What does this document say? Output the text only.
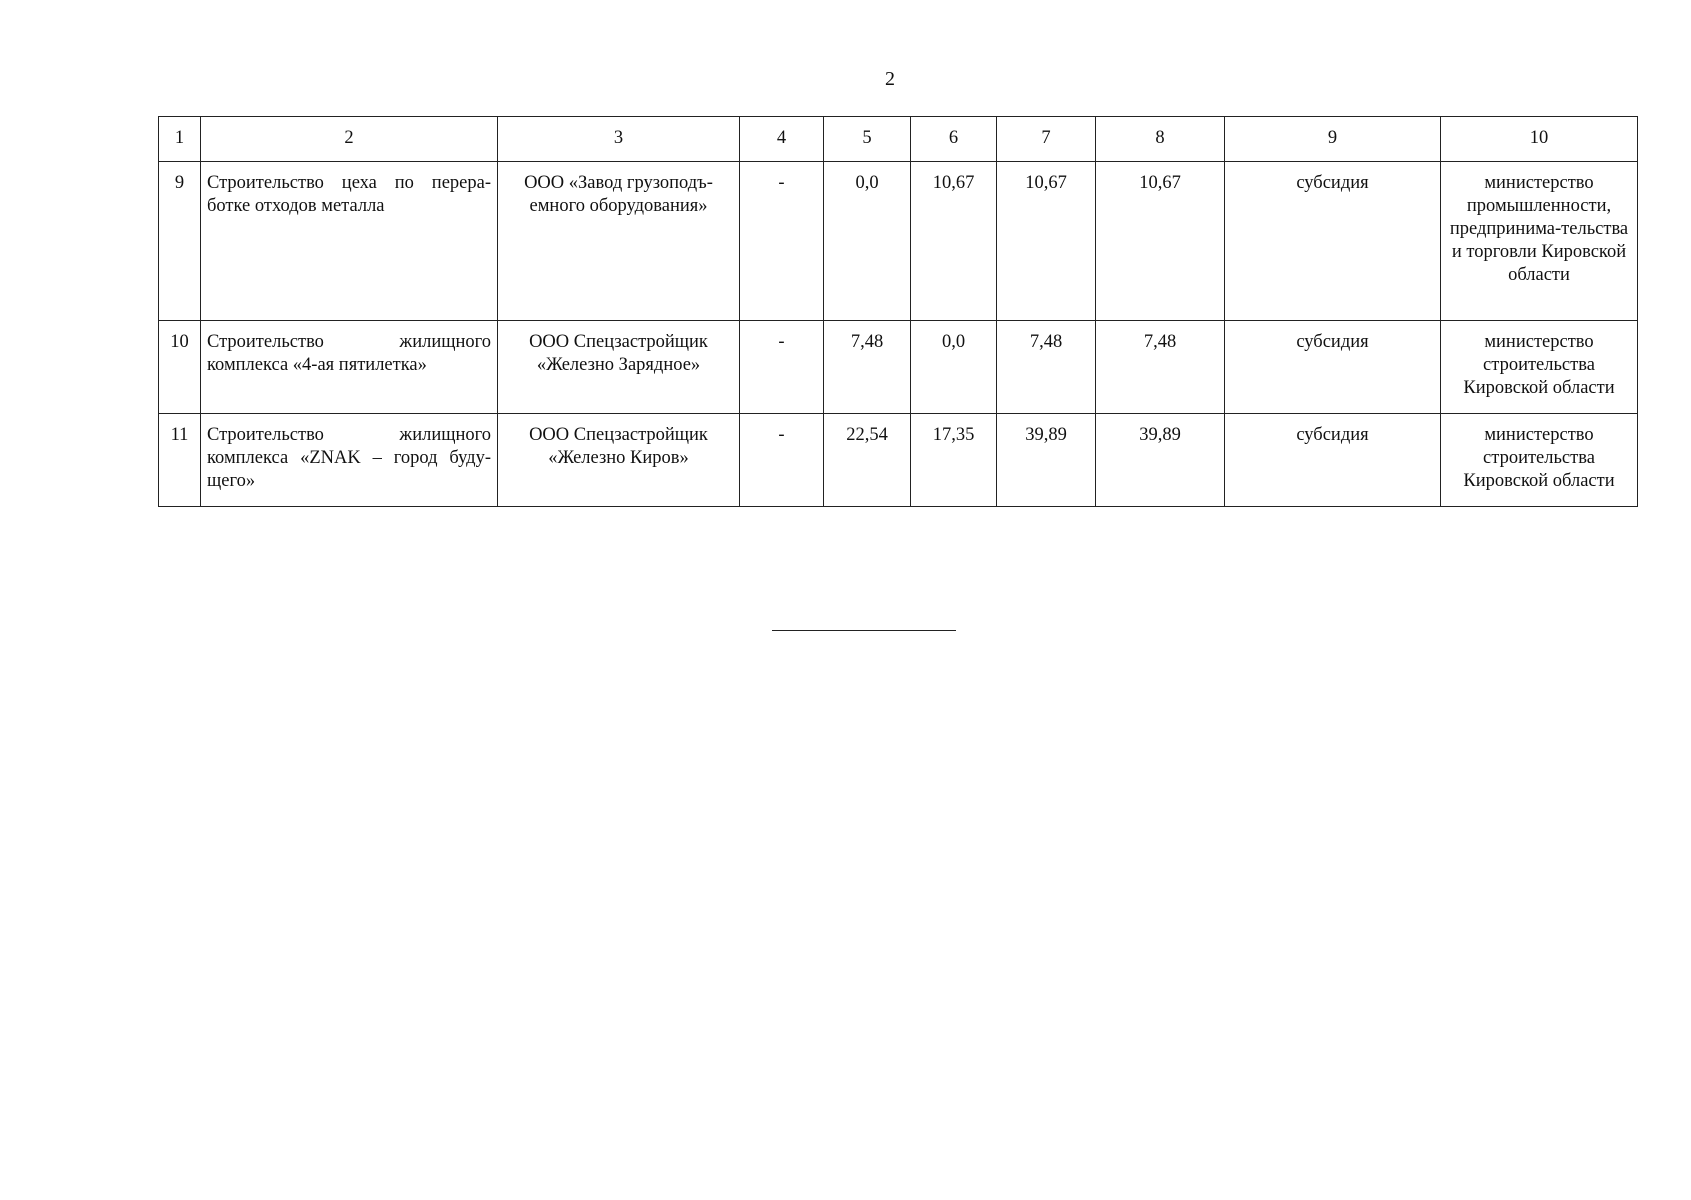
2
1	2	3	4	5	6	7	8	9	10
9	Строительство цеха по перера-ботке отходов металла	ООО «Завод грузоподъ-емного оборудования»	-	0,0	10,67	10,67	10,67	субсидия	министерство промышленности, предпринима-тельства и торговли Кировской области
10	Строительство жилищного комплекса «4-ая пятилетка»	ООО Спецзастройщик «Железно Зарядное»	-	7,48	0,0	7,48	7,48	субсидия	министерство строительства Кировской области
11	Строительство жилищного комплекса «ZNAK – город буду-щего»	ООО Спецзастройщик «Железно Киров»	-	22,54	17,35	39,89	39,89	субсидия	министерство строительства Кировской области
